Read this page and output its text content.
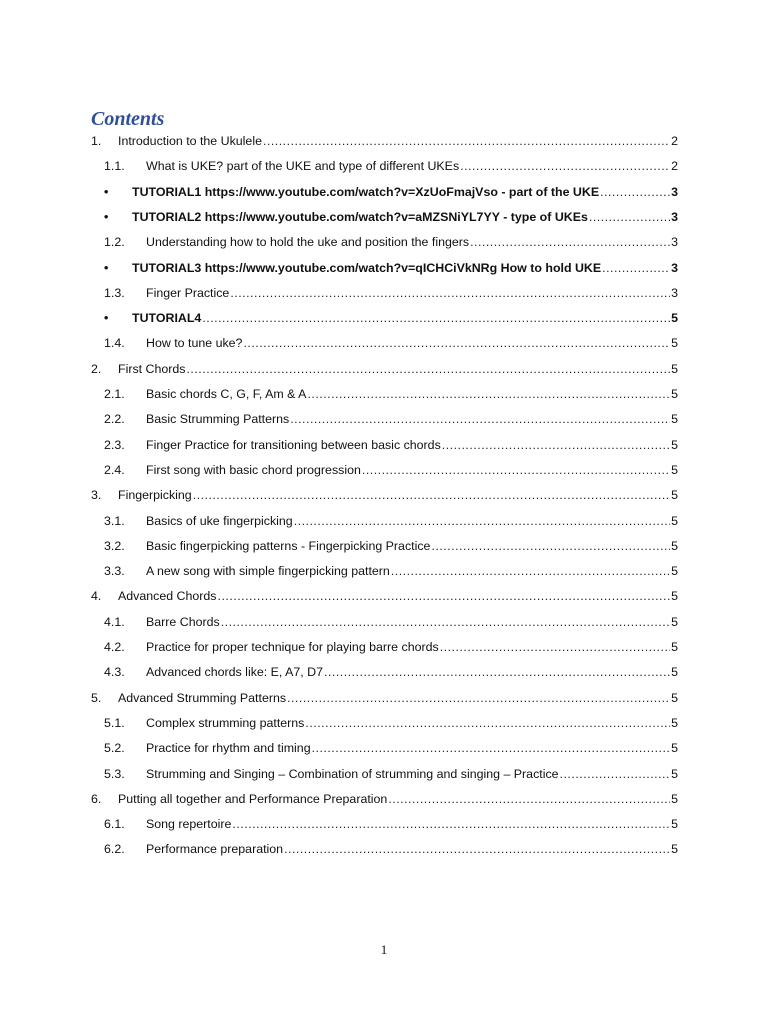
Contents
1. Introduction to the Ukulele .....	2
1.1. What is UKE? part of the UKE and type of different UKEs .....	2
• TUTORIAL1 https://www.youtube.com/watch?v=XzUoFmajVso - part of the UKE .....	3
• TUTORIAL2 https://www.youtube.com/watch?v=aMZSNiYL7YY - type of UKEs .....	3
1.2. Understanding how to hold the uke and position the fingers .....	3
• TUTORIAL3 https://www.youtube.com/watch?v=qICHCiVkNRg How to hold UKE .....	3
1.3. Finger Practice .....	3
• TUTORIAL4 .....	5
1.4. How to tune uke? .....	5
2. First Chords .....	5
2.1. Basic chords C, G, F, Am & A .....	5
2.2. Basic Strumming Patterns .....	5
2.3. Finger Practice for transitioning between basic chords .....	5
2.4. First song with basic chord progression .....	5
3. Fingerpicking .....	5
3.1. Basics of uke fingerpicking .....	5
3.2. Basic fingerpicking patterns - Fingerpicking Practice .....	5
3.3. A new song with simple fingerpicking pattern .....	5
4. Advanced Chords .....	5
4.1. Barre Chords .....	5
4.2. Practice for proper technique for playing barre chords .....	5
4.3. Advanced chords like: E, A7, D7 .....	5
5. Advanced Strumming Patterns .....	5
5.1. Complex strumming patterns .....	5
5.2. Practice for rhythm and timing .....	5
5.3. Strumming and Singing – Combination of strumming and singing – Practice .....	5
6. Putting all together and Performance Preparation .....	5
6.1. Song repertoire .....	5
6.2. Performance preparation .....	5
1
